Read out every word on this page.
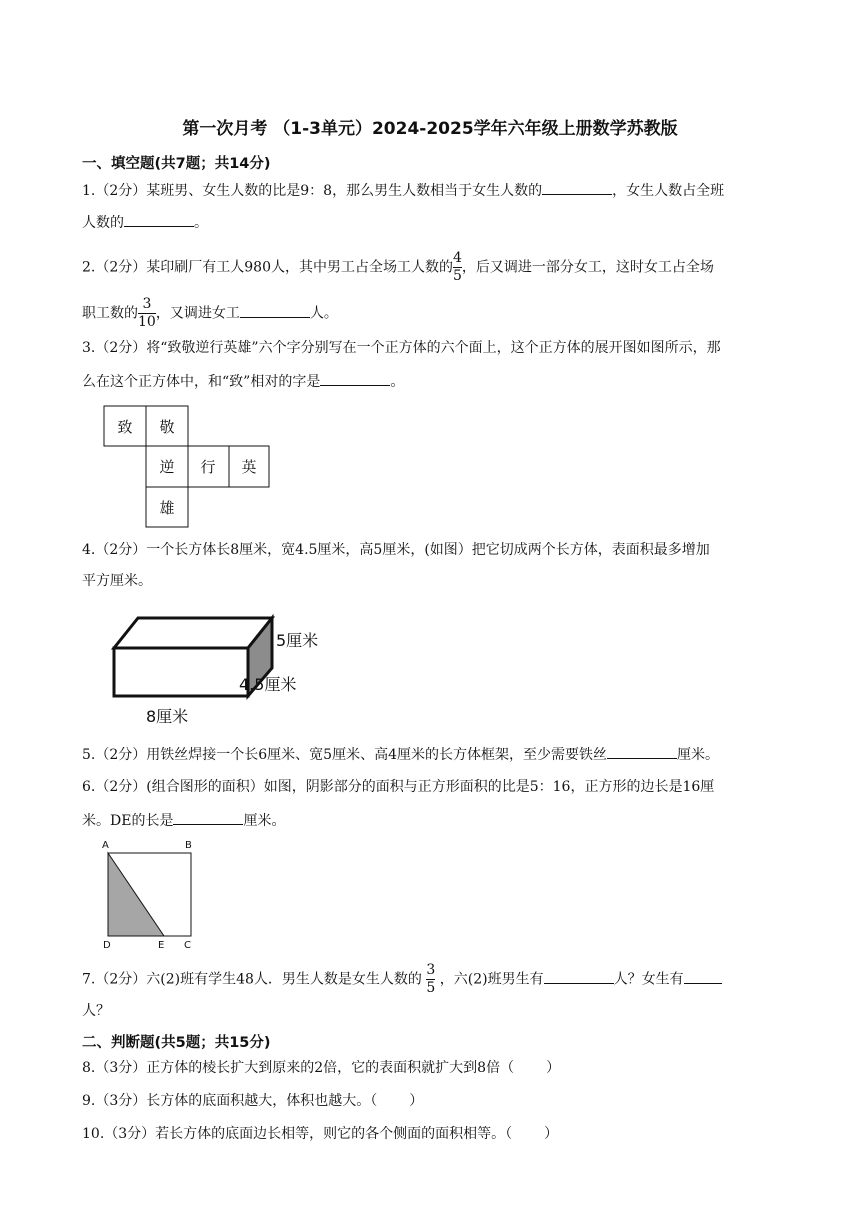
第一次月考 （1-3单元）2024-2025学年六年级上册数学苏教版
一、填空题(共7题；共14分)
1.（2分）某班男、女生人数的比是9：8，那么男生人数相当于女生人数的	，女生人数占全班
人数的	。
2.（2分）某印刷厂有工人980人，其中男工占全场工人数的 $\frac{4}{5}$ ，后又调进一部分女工，这时女工占全场
职工数的 $\frac{3}{10}$ ，又调进女工	人。
3.（2分）将“致敬逆行英雄”六个字分别写在一个正方体的六个面上，这个正方体的展开图如图所示，那
么在这个正方体中，和“致”相对的字是	。
致 敬
逆 行 英
雄
4.（2分）一个长方体长8厘米，宽4.5厘米，高5厘米，(如图）把它切成两个长方体，表面积最多增加
平方厘米。
5厘米
4.5厘米
8厘米
5.（2分）用铁丝焊接一个长6厘米、宽5厘米、高4厘米的长方体框架，至少需要铁丝	厘米。
6.（2分）(组合图形的面积）如图，阴影部分的面积与正方形面积的比是5：16，正方形的边长是16厘
米。DE的长是	厘米。
A	B
D	E C
7.（2分）六(2)班有学生48人．男生人数是女生人数的 $\frac{3}{5}$ ，六(2)班男生有	人？女生有
人？
二、判断题(共5题；共15分)
8.（3分）正方体的棱长扩大到原来的2倍，它的表面积就扩大到8倍（ ）
9.（3分）长方体的底面积越大，体积也越大。（ ）
10.（3分）若长方体的底面边长相等，则它的各个侧面的面积相等。（ ）
